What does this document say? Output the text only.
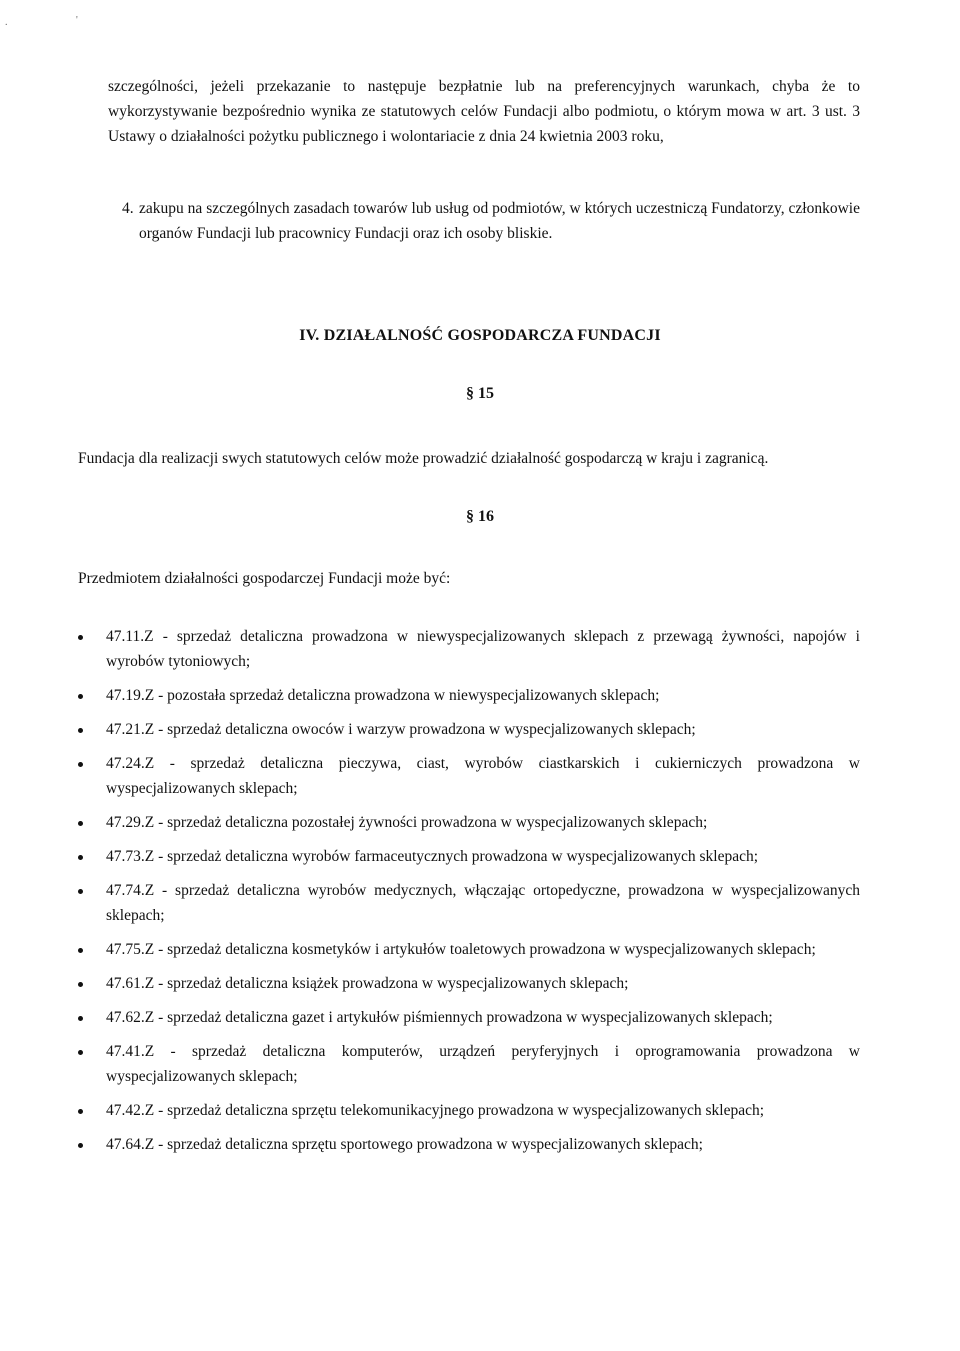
szczególności, jeżeli przekazanie to następuje bezpłatnie lub na preferencyjnych warunkach, chyba że to wykorzystywanie bezpośrednio wynika ze statutowych celów Fundacji albo podmiotu, o którym mowa w art. 3 ust. 3 Ustawy o działalności pożytku publicznego i wolontariacie z dnia 24 kwietnia 2003 roku,
4. zakupu na szczególnych zasadach towarów lub usług od podmiotów, w których uczestniczą Fundatorzy, członkowie organów Fundacji lub pracownicy Fundacji oraz ich osoby bliskie.
IV. DZIAŁALNOŚĆ GOSPODARCZA FUNDACJI
§ 15
Fundacja dla realizacji swych statutowych celów może prowadzić działalność gospodarczą w kraju i zagranicą.
§ 16
Przedmiotem działalności gospodarczej Fundacji może być:
47.11.Z - sprzedaż detaliczna prowadzona w niewyspecjalizowanych sklepach z przewagą żywności, napojów i wyrobów tytoniowych;
47.19.Z - pozostała sprzedaż detaliczna prowadzona w niewyspecjalizowanych sklepach;
47.21.Z - sprzedaż detaliczna owoców i warzyw prowadzona w wyspecjalizowanych sklepach;
47.24.Z - sprzedaż detaliczna pieczywa, ciast, wyrobów ciastkarskich i cukierniczych prowadzona w wyspecjalizowanych sklepach;
47.29.Z - sprzedaż detaliczna pozostałej żywności prowadzona w wyspecjalizowanych sklepach;
47.73.Z - sprzedaż detaliczna wyrobów farmaceutycznych prowadzona w wyspecjalizowanych sklepach;
47.74.Z - sprzedaż detaliczna wyrobów medycznych, włączając ortopedyczne, prowadzona w wyspecjalizowanych sklepach;
47.75.Z - sprzedaż detaliczna kosmetyków i artykułów toaletowych prowadzona w wyspecjalizowanych sklepach;
47.61.Z - sprzedaż detaliczna książek prowadzona w wyspecjalizowanych sklepach;
47.62.Z - sprzedaż detaliczna gazet i artykułów piśmiennych prowadzona w wyspecjalizowanych sklepach;
47.41.Z - sprzedaż detaliczna komputerów, urządzeń peryferyjnych i oprogramowania prowadzona w wyspecjalizowanych sklepach;
47.42.Z - sprzedaż detaliczna sprzętu telekomunikacyjnego prowadzona w wyspecjalizowanych sklepach;
47.64.Z - sprzedaż detaliczna sprzętu sportowego prowadzona w wyspecjalizowanych sklepach;
.	'
